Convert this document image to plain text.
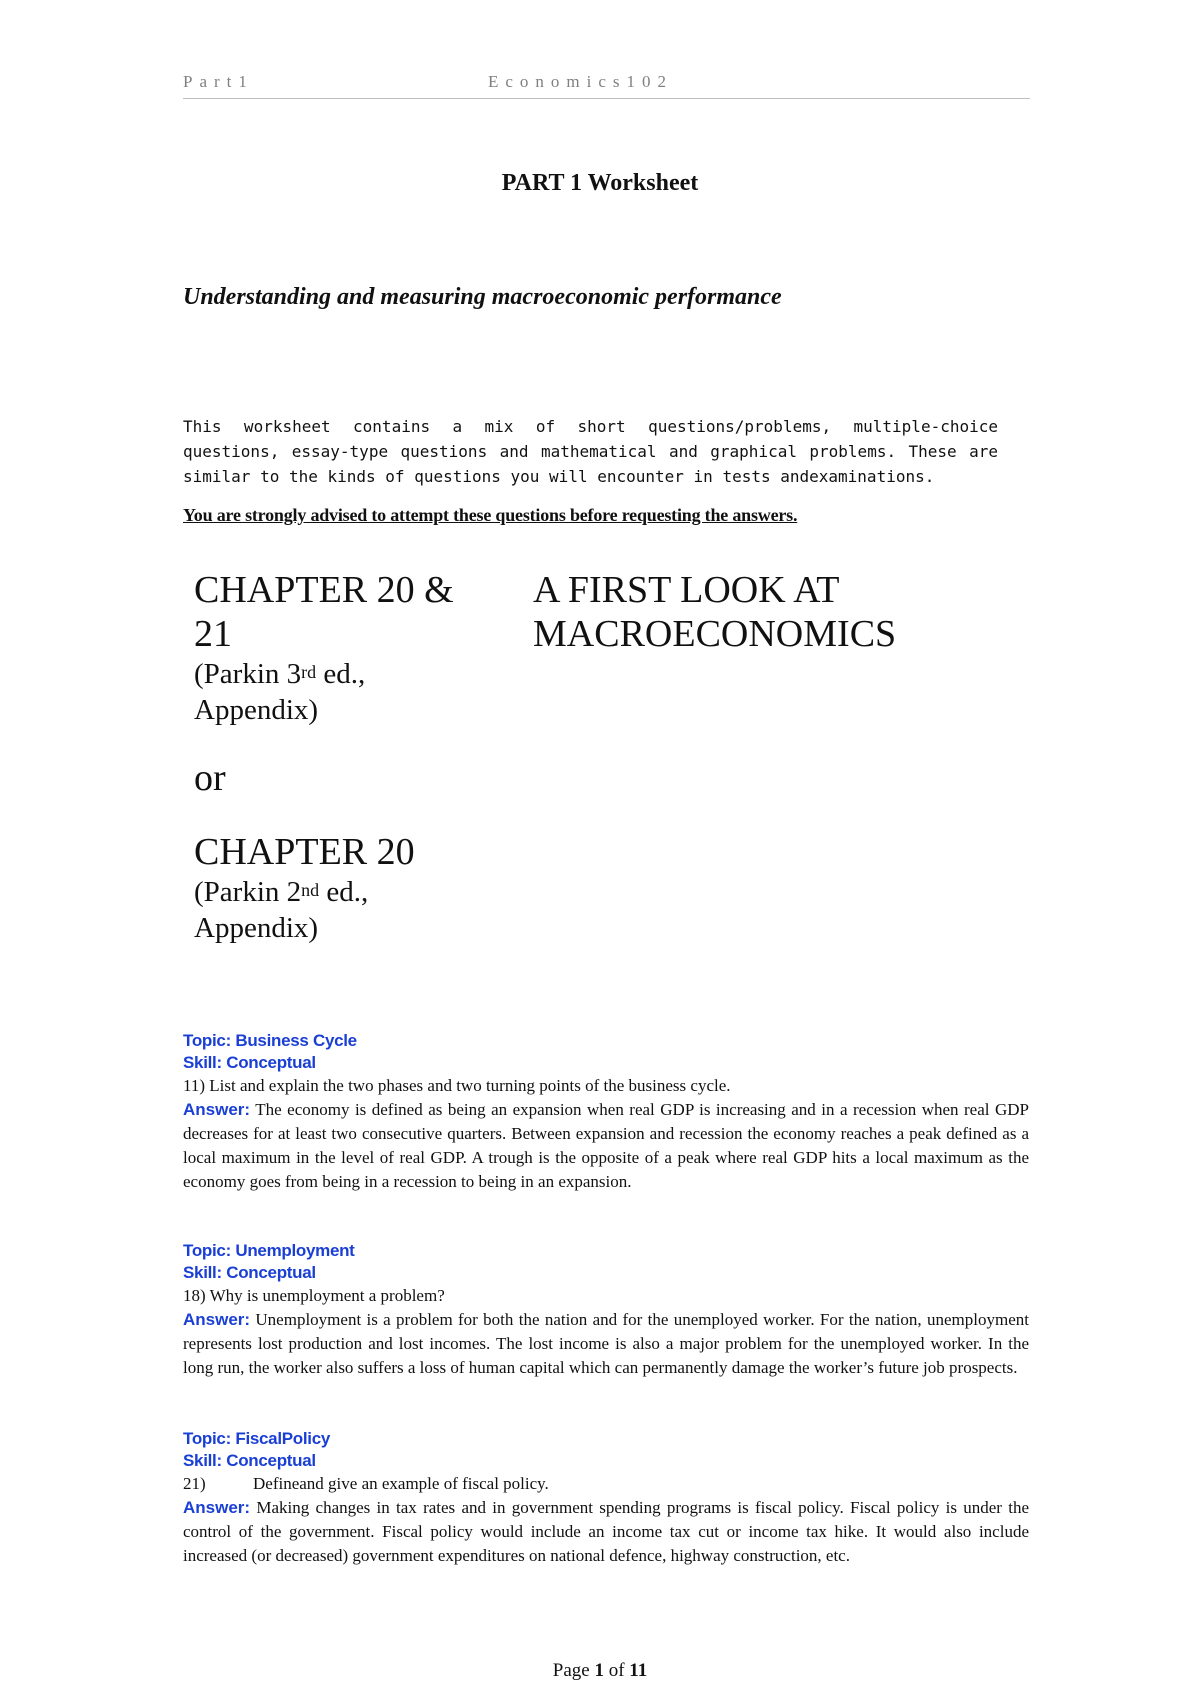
Part1	Economics102
PART 1 Worksheet
Understanding and measuring macroeconomic performance
This worksheet contains a mix of short questions/problems, multiple-choice questions, essay-type questions and mathematical and graphical problems. These are similar to the kinds of questions you will encounter in tests andexaminations.
You are strongly advised to attempt these questions before requesting the answers.
CHAPTER 20 &
21
(Parkin 3rd ed.,
Appendix)
or
CHAPTER 20
(Parkin 2nd ed.,
Appendix)
A FIRST LOOK AT
MACROECONOMICS
Topic: Business Cycle
Skill: Conceptual
11) List and explain the two phases and two turning points of the business cycle.
Answer: The economy is defined as being an expansion when real GDP is increasing and in a recession when real GDP decreases for at least two consecutive quarters. Between expansion and recession the economy reaches a peak defined as a local maximum in the level of real GDP. A trough is the opposite of a peak where real GDP hits a local maximum as the economy goes from being in a recession to being in an expansion.
Topic: Unemployment
Skill: Conceptual
18) Why is unemployment a problem?
Answer: Unemployment is a problem for both the nation and for the unemployed worker. For the nation, unemployment represents lost production and lost incomes. The lost income is also a major problem for the unemployed worker. In the long run, the worker also suffers a loss of human capital which can permanently damage the worker’s future job prospects.
Topic: FiscalPolicy
Skill: Conceptual
21)	Defineand give an example of fiscal policy.
Answer: Making changes in tax rates and in government spending programs is fiscal policy. Fiscal policy is under the control of the government. Fiscal policy would include an income tax cut or income tax hike. It would also include increased (or decreased) government expenditures on national defence, highway construction, etc.
Page 1 of 11
